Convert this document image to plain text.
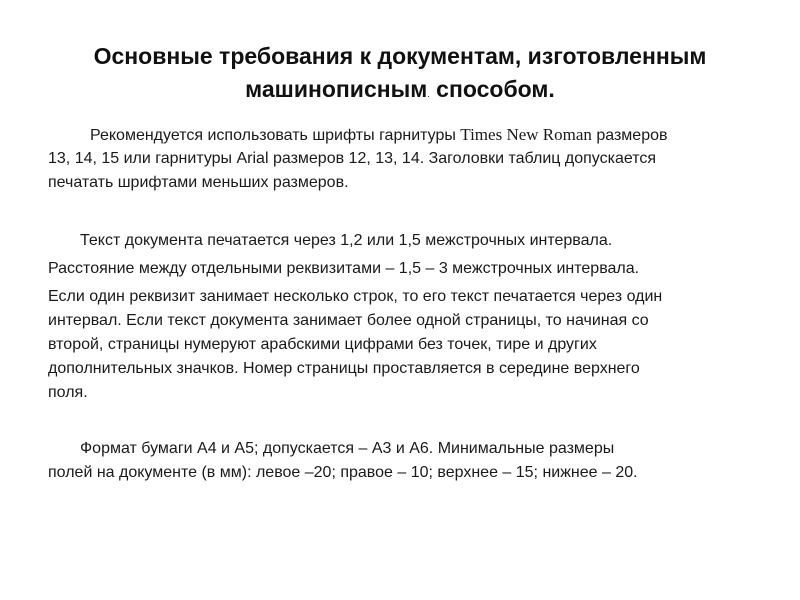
Основные требования к документам, изготовленным
машинописным. способом.
Рекомендуется использовать шрифты гарнитуры Times New Roman размеров
13, 14, 15 или гарнитуры Arial размеров 12, 13, 14. Заголовки таблиц допускается
печатать шрифтами меньших размеров.
Текст документа печатается через 1,2 или 1,5 межстрочных интервала.
Расстояние между отдельными реквизитами – 1,5 – 3 межстрочных интервала.
Если один реквизит занимает несколько строк, то его текст печатается через один
интервал. Если текст документа занимает более одной страницы, то начиная со
второй, страницы нумеруют арабскими цифрами без точек, тире и других
дополнительных значков. Номер страницы проставляется в середине верхнего
поля.
Формат бумаги А4 и А5; допускается – А3 и А6. Минимальные размеры
полей на документе (в мм): левое –20; правое – 10; верхнее – 15; нижнее – 20.
